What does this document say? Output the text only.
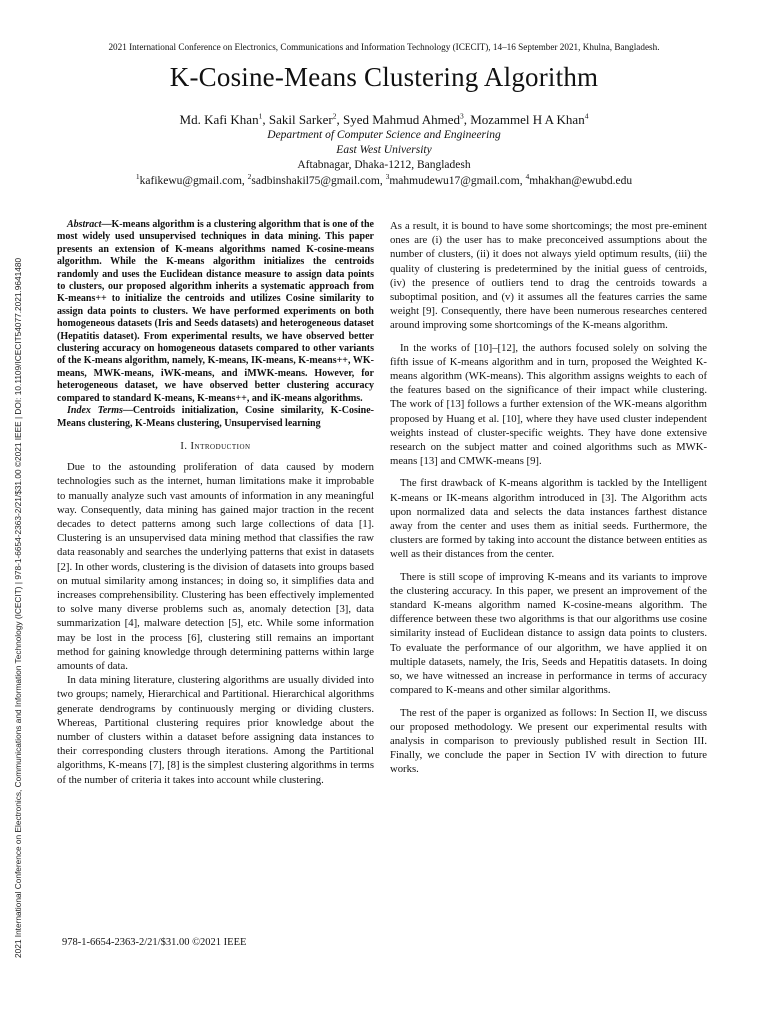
2021 International Conference on Electronics, Communications and Information Technology (ICECIT), 14–16 September 2021, Khulna, Bangladesh.
K-Cosine-Means Clustering Algorithm
Md. Kafi Khan$^1$, Sakil Sarker$^2$, Syed Mahmud Ahmed$^3$, Mozammel H A Khan$^4$
Department of Computer Science and Engineering
East West University
Aftabnagar, Dhaka-1212, Bangladesh
$^1$kafikewu@gmail.com, $^2$sadbinshakil75@gmail.com, $^3$mahmudewu17@gmail.com, $^4$mhakhan@ewubd.edu
2021 International Conference on Electronics, Communications and Information Technology (ICECIT) | 978-1-6654-2363-2/21/$31.00 ©2021 IEEE | DOI: 10.1109/ICECIT54077.2021.9641480

Abstract—K-means algorithm is a clustering algorithm that is one of the most widely used unsupervised techniques in data mining. This paper presents an extension of K-means algorithms named K-cosine-means algorithm. While the K-means algorithm initializes the centroids randomly and uses the Euclidean distance measure to assign data points to clusters, our proposed algorithm inherits a systematic approach from K-means++ to initialize the centroids and utilizes Cosine similarity to assign data points to clusters. We have performed experiments on both homogeneous datasets (Iris and Seeds datasets) and heterogeneous dataset (Hepatitis dataset). From experimental results, we have observed better clustering accuracy on homogeneous datasets compared to other variants of the K-means algorithm, namely, K-means, IK-means, K-means++, WK-means, MWK-means, iWK-means, and iMWK-means. However, for heterogeneous dataset, we have observed better clustering accuracy compared to standard K-means, K-means++, and iK-means algorithms.

Index Terms—Centroids initialization, Cosine similarity, K-Cosine-Means clustering, K-Means clustering, Unsupervised learning

I. Introduction

Due to the astounding proliferation of data caused by modern technologies such as the internet, human limitations make it improbable to manually analyze such vast amounts of information in any meaningful way. Consequently, data mining has gained major traction in the recent decades to detect patterns among such large collections of data [1]. Clustering is an unsupervised data mining method that classifies the raw data reasonably and searches the underlying patterns that exist in datasets [2]. In other words, clustering is the division of datasets into groups based on mutual similarity among instances; in doing so, it simplifies data and increases comprehensibility. Clustering has been effectively implemented to solve many diverse problems such as, anomaly detection [3], data summarization [4], malware detection [5], etc. While some information may be lost in the process [6], clustering still remains an important method for gaining knowledge through determining patterns within large amounts of data.

In data mining literature, clustering algorithms are usually divided into two groups; namely, Hierarchical and Partitional. Hierarchical algorithms generate dendrograms by continuously merging or dividing clusters. Whereas, Partitional clustering requires prior knowledge about the number of clusters within a dataset before assigning data instances to their corresponding clusters through iterations. Among the Partitional algorithms, K-means [7], [8] is the simplest clustering algorithms in terms of the number of criteria it takes into account while clustering.

As a result, it is bound to have some shortcomings; the most pre-eminent ones are (i) the user has to make preconceived assumptions about the number of clusters, (ii) it does not always yield optimum results, (iii) the quality of clustering is predetermined by the initial guess of centroids, (iv) the presence of outliers tend to drag the centroids towards a suboptimal position, and (v) it assumes all the features carries the same weight [9]. Consequently, there have been numerous researches centered around improving some shortcomings of the K-means algorithm.

In the works of [10]–[12], the authors focused solely on solving the fifth issue of K-means algorithm and in turn, proposed the Weighted K-means algorithm (WK-means). This algorithm assigns weights to each of the features based on the significance of their impact while clustering. The work of [13] follows a further extension of the WK-means algorithm proposed by Huang et al. [10], where they have used cluster independent weights instead of cluster-specific weights. They have done extensive research on the subject matter and coined algorithms such as MWK-means [13] and CMWK-means [9].

The first drawback of K-means algorithm is tackled by the Intelligent K-means or IK-means algorithm introduced in [3]. The Algorithm acts upon normalized data and selects the data instances farthest distance away from the center and uses them as initial seeds. Furthermore, the clusters are formed by taking into account the distance between entities as well as their distances from the center.

There is still scope of improving K-means and its variants to improve the clustering accuracy. In this paper, we present an improvement of the standard K-means algorithm named K-cosine-means algorithm. The difference between these two algorithms is that our algorithms use cosine similarity instead of Euclidean distance to assign data points to clusters. To evaluate the performance of our algorithm, we have applied it on multiple datasets, namely, the Iris, Seeds and Hepatitis datasets. In doing so, we have witnessed an increase in performance in terms of accuracy compared to K-means and other similar algorithms.

The rest of the paper is organized as follows: In Section II, we discuss our proposed methodology. We present our experimental results with analysis in comparison to previously published result in Section III. Finally, we conclude the paper in Section IV with direction to future works.

978-1-6654-2363-2/21/$31.00 ©2021 IEEE
